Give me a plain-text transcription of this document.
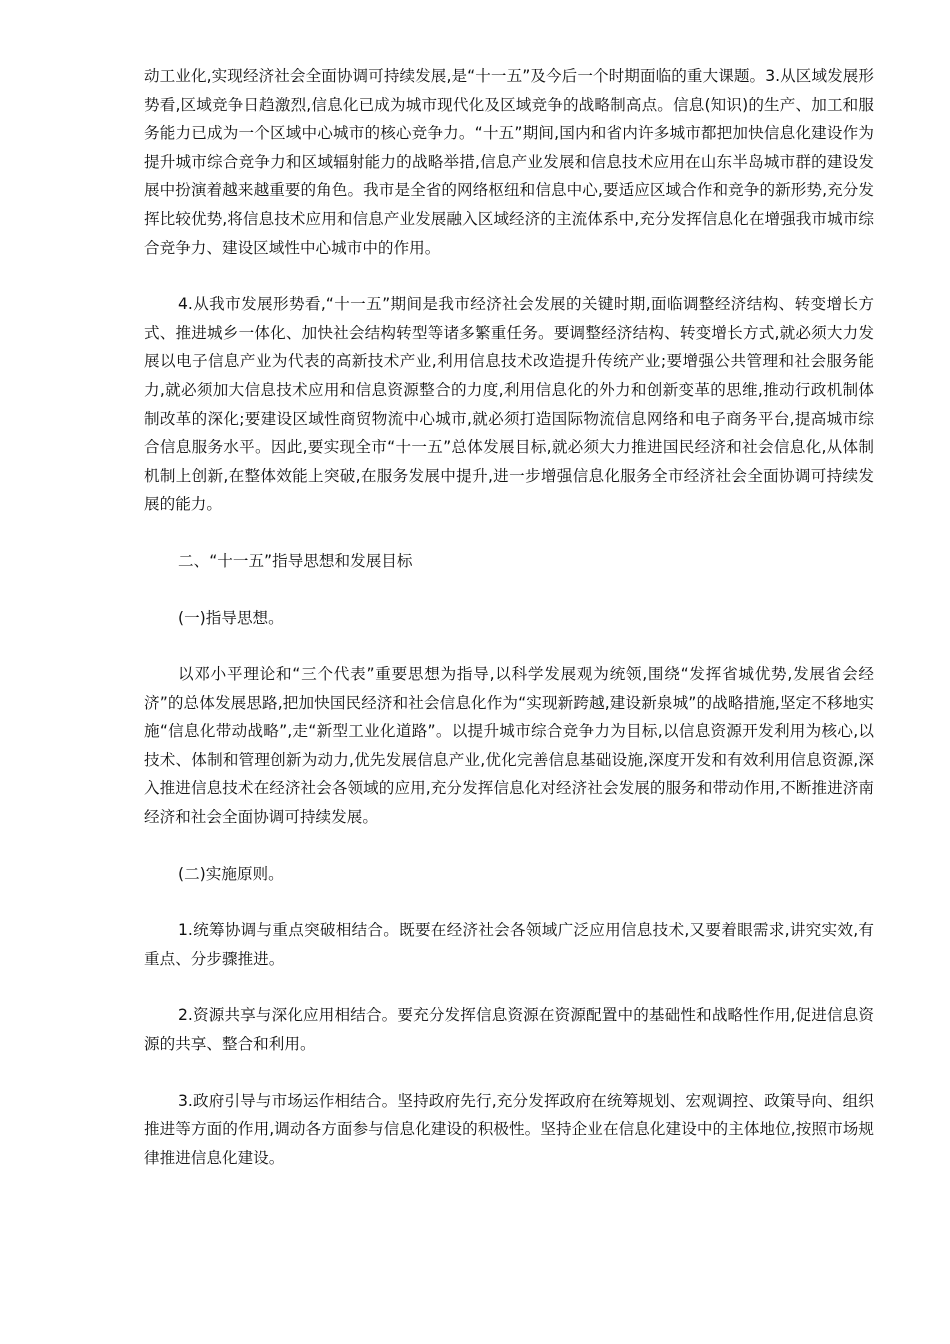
动工业化,实现经济社会全面协调可持续发展,是“十一五”及今后一个时期面临的重大课题。3.从区域发展形势看,区域竞争日趋激烈,信息化已成为城市现代化及区域竞争的战略制高点。信息(知识)的生产、加工和服务能力已成为一个区域中心城市的核心竞争力。“十五”期间,国内和省内许多城市都把加快信息化建设作为提升城市综合竞争力和区域辐射能力的战略举措,信息产业发展和信息技术应用在山东半岛城市群的建设发展中扮演着越来越重要的角色。我市是全省的网络枢纽和信息中心,要适应区域合作和竞争的新形势,充分发挥比较优势,将信息技术应用和信息产业发展融入区域经济的主流体系中,充分发挥信息化在增强我市城市综合竞争力、建设区域性中心城市中的作用。

4.从我市发展形势看,“十一五”期间是我市经济社会发展的关键时期,面临调整经济结构、转变增长方式、推进城乡一体化、加快社会结构转型等诸多繁重任务。要调整经济结构、转变增长方式,就必须大力发展以电子信息产业为代表的高新技术产业,利用信息技术改造提升传统产业;要增强公共管理和社会服务能力,就必须加大信息技术应用和信息资源整合的力度,利用信息化的外力和创新变革的思维,推动行政机制体制改革的深化;要建设区域性商贸物流中心城市,就必须打造国际物流信息网络和电子商务平台,提高城市综合信息服务水平。因此,要实现全市“十一五”总体发展目标,就必须大力推进国民经济和社会信息化,从体制机制上创新,在整体效能上突破,在服务发展中提升,进一步增强信息化服务全市经济社会全面协调可持续发展的能力。

二、“十一五”指导思想和发展目标

(一)指导思想。

以邓小平理论和“三个代表”重要思想为指导,以科学发展观为统领,围绕“发挥省城优势,发展省会经济”的总体发展思路,把加快国民经济和社会信息化作为“实现新跨越,建设新泉城”的战略措施,坚定不移地实施“信息化带动战略”,走“新型工业化道路”。以提升城市综合竞争力为目标,以信息资源开发利用为核心,以技术、体制和管理创新为动力,优先发展信息产业,优化完善信息基础设施,深度开发和有效利用信息资源,深入推进信息技术在经济社会各领域的应用,充分发挥信息化对经济社会发展的服务和带动作用,不断推进济南经济和社会全面协调可持续发展。

(二)实施原则。

1.统筹协调与重点突破相结合。既要在经济社会各领域广泛应用信息技术,又要着眼需求,讲究实效,有重点、分步骤推进。

2.资源共享与深化应用相结合。要充分发挥信息资源在资源配置中的基础性和战略性作用,促进信息资源的共享、整合和利用。

3.政府引导与市场运作相结合。坚持政府先行,充分发挥政府在统筹规划、宏观调控、政策导向、组织推进等方面的作用,调动各方面参与信息化建设的积极性。坚持企业在信息化建设中的主体地位,按照市场规律推进信息化建设。
